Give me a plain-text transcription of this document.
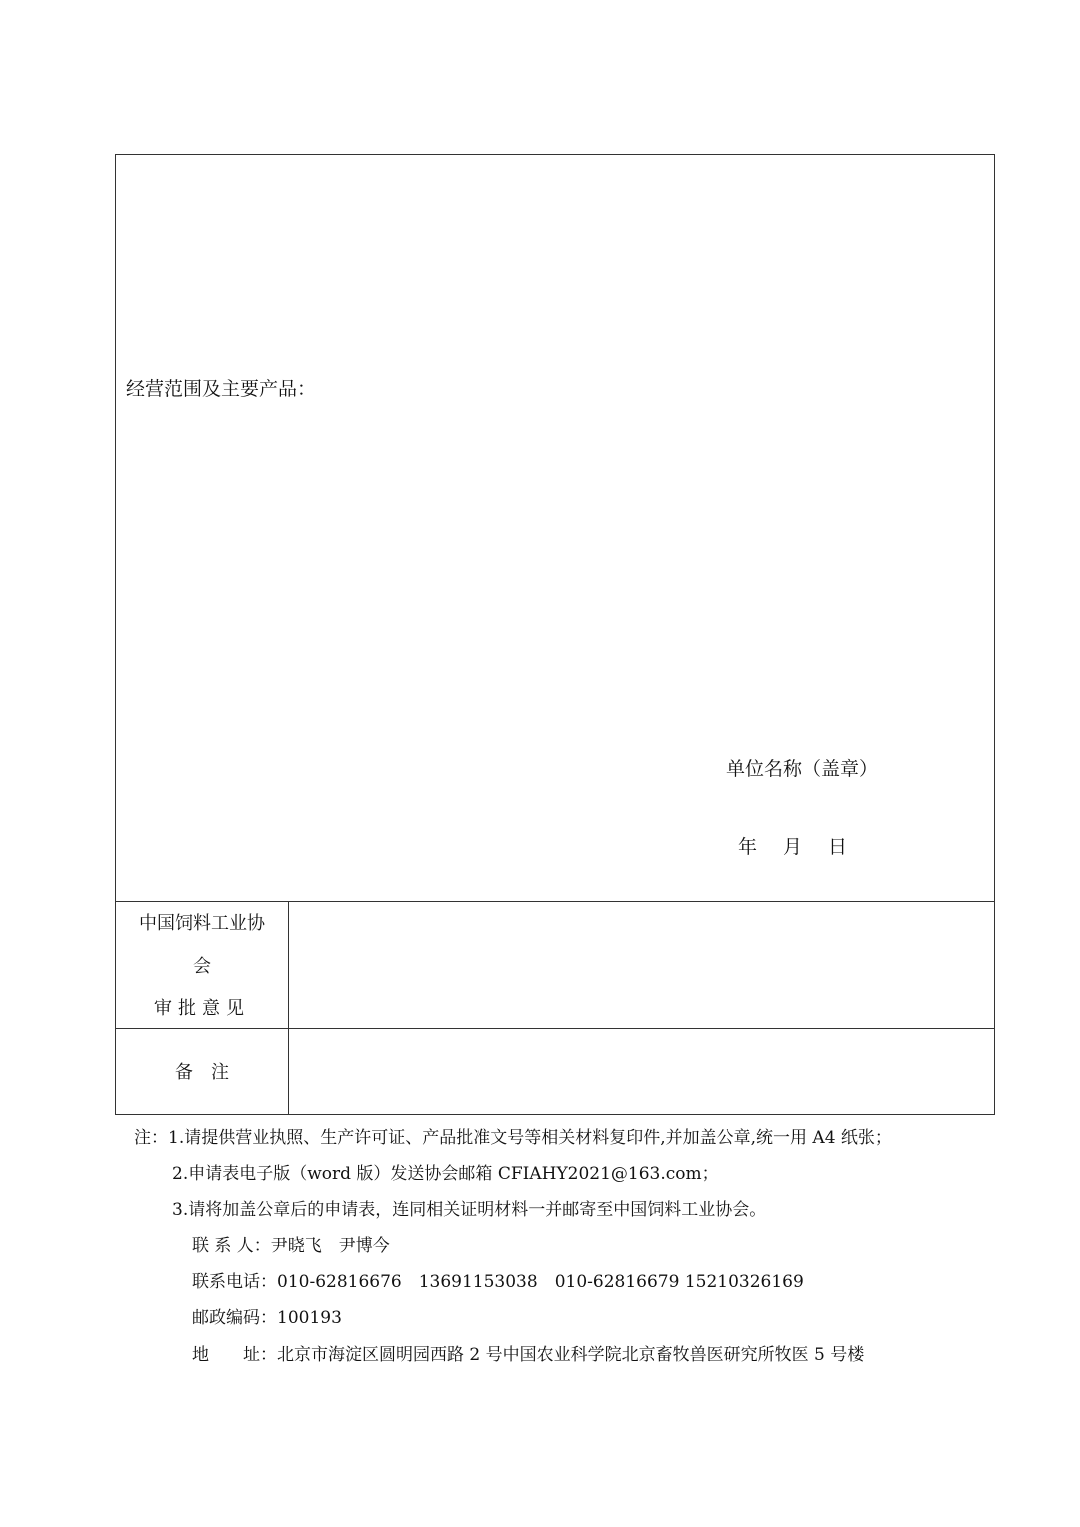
经营范围及主要产品：
单位名称（盖章）
年 月 日
中国饲料工业协
会
审批意见
备注
注：1.请提供营业执照、生产许可证、产品批准文号等相关材料复印件,并加盖公章,统一用 A4 纸张；
2.申请表电子版（word 版）发送协会邮箱 CFIAHY2021@163.com；
3.请将加盖公章后的申请表，连同相关证明材料一并邮寄至中国饲料工业协会。
联 系 人：尹晓飞　尹博今
联系电话：010-62816676　13691153038　010-62816679 15210326169
邮政编码：100193
地　　址：北京市海淀区圆明园西路 2 号中国农业科学院北京畜牧兽医研究所牧医 5 号楼
